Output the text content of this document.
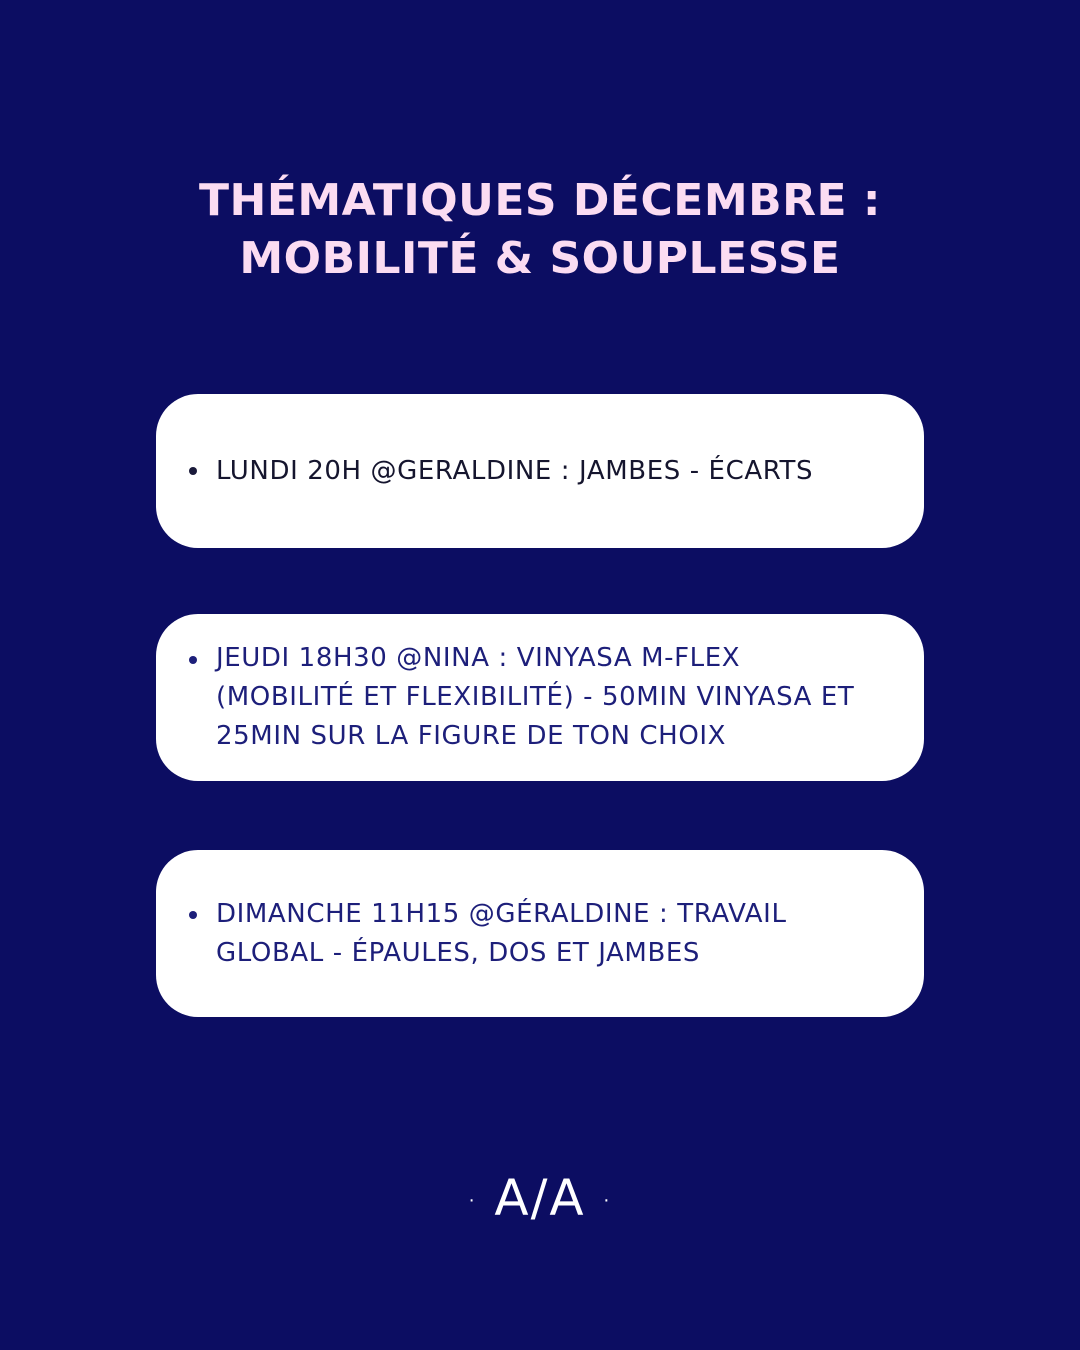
THÉMATIQUES DÉCEMBRE :
MOBILITÉ & SOUPLESSE
LUNDI 20H @GERALDINE : JAMBES - ÉCARTS
JEUDI 18H30 @NINA : VINYASA M-FLEX
(MOBILITÉ ET FLEXIBILITÉ) - 50MIN VINYASA ET
25MIN SUR LA FIGURE DE TON CHOIX
DIMANCHE 11H15 @GÉRALDINE : TRAVAIL
GLOBAL - ÉPAULES, DOS ET JAMBES
· A/A ·
